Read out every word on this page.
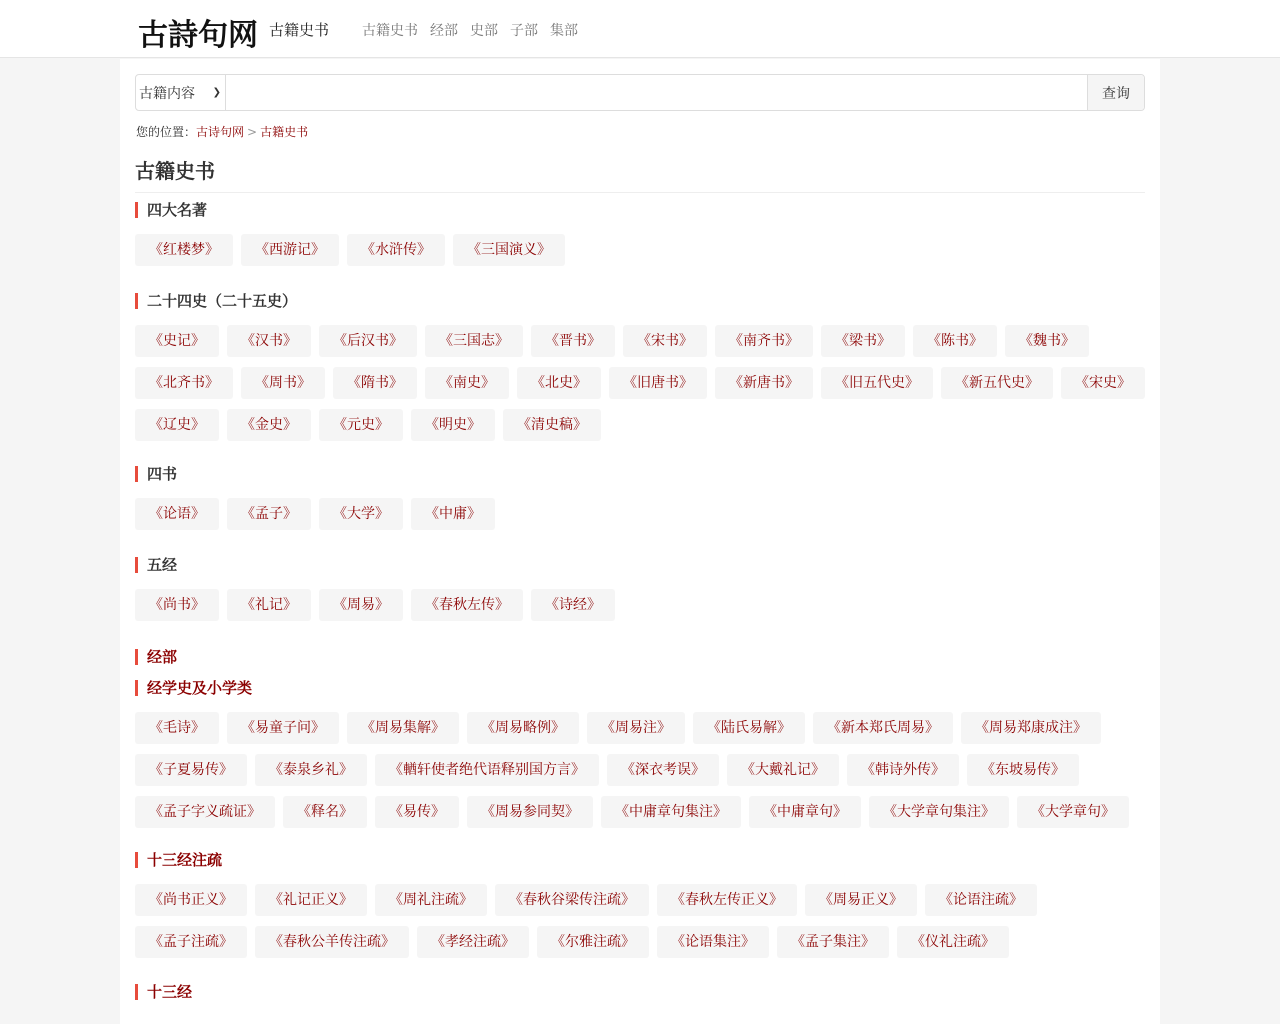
古詩句网 古籍史书 古籍史书 经部 史部 子部 集部
古籍内容 ❯	查询
您的位置：古诗句网 > 古籍史书
古籍史书
四大名著
《红楼梦》	《西游记》	《水浒传》	《三国演义》
二十四史（二十五史）
《史记》	《汉书》	《后汉书》	《三国志》	《晋书》	《宋书》	《南齐书》	《梁书》	《陈书》	《魏书》
《北齐书》	《周书》	《隋书》	《南史》	《北史》	《旧唐书》	《新唐书》	《旧五代史》	《新五代史》	《宋史》
《辽史》	《金史》	《元史》	《明史》	《清史稿》
四书
《论语》	《孟子》	《大学》	《中庸》
五经
《尚书》	《礼记》	《周易》	《春秋左传》	《诗经》
经部
经学史及小学类
《毛诗》	《易童子问》	《周易集解》	《周易略例》	《周易注》	《陆氏易解》	《新本郑氏周易》	《周易郑康成注》
《子夏易传》	《泰泉乡礼》	《輶轩使者绝代语释别国方言》	《深衣考误》	《大戴礼记》	《韩诗外传》	《东坡易传》
《孟子字义疏证》	《释名》	《易传》	《周易参同契》	《中庸章句集注》	《中庸章句》	《大学章句集注》	《大学章句》
十三经注疏
《尚书正义》	《礼记正义》	《周礼注疏》	《春秋谷梁传注疏》	《春秋左传正义》	《周易正义》	《论语注疏》
《孟子注疏》	《春秋公羊传注疏》	《孝经注疏》	《尔雅注疏》	《论语集注》	《孟子集注》	《仪礼注疏》
十三经
